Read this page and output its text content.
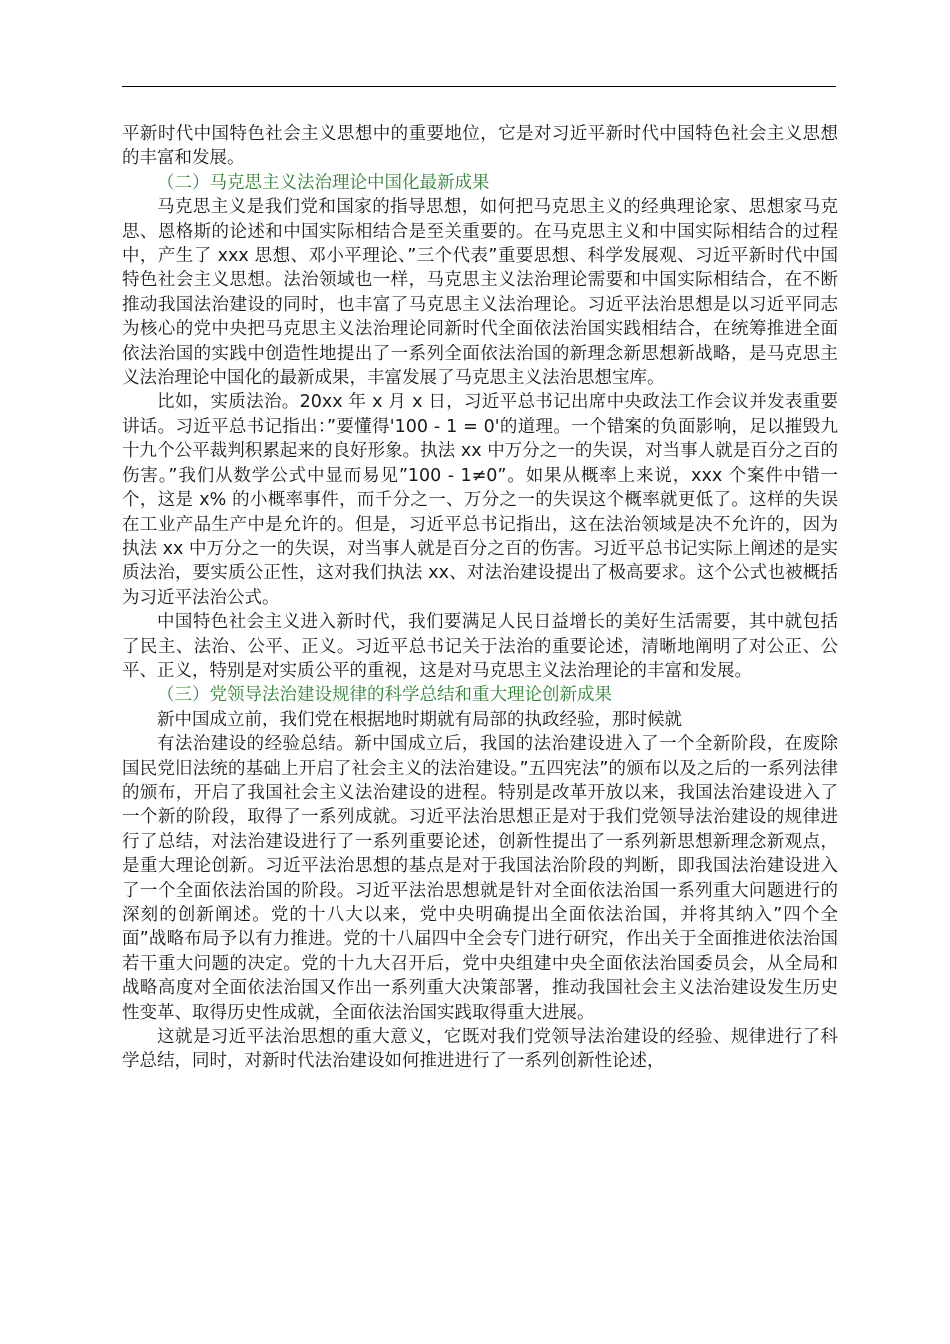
平新时代中国特色社会主义思想中的重要地位，它是对习近平新时代中国特色社会主义思想的丰富和发展。

（二）马克思主义法治理论中国化最新成果

马克思主义是我们党和国家的指导思想，如何把马克思主义的经典理论家、思想家马克思、恩格斯的论述和中国实际相结合是至关重要的。在马克思主义和中国实际相结合的过程中，产生了 xxx 思想、邓小平理论、”三个代表”重要思想、科学发展观、习近平新时代中国特色社会主义思想。法治领域也一样，马克思主义法治理论需要和中国实际相结合，在不断推动我国法治建设的同时，也丰富了马克思主义法治理论。习近平法治思想是以习近平同志为核心的党中央把马克思主义法治理论同新时代全面依法治国实践相结合，在统筹推进全面依法治国的实践中创造性地提出了一系列全面依法治国的新理念新思想新战略，是马克思主义法治理论中国化的最新成果，丰富发展了马克思主义法治思想宝库。

比如，实质法治。20xx 年 x 月 x 日，习近平总书记出席中央政法工作会议并发表重要讲话。习近平总书记指出：”要懂得'100 - 1 = 0'的道理。一个错案的负面影响，足以摧毁九十九个公平裁判积累起来的良好形象。执法 xx 中万分之一的失误，对当事人就是百分之百的伤害。”我们从数学公式中显而易见”100 - 1≠0”。如果从概率上来说，xxx 个案件中错一个，这是 x% 的小概率事件，而千分之一、万分之一的失误这个概率就更低了。这样的失误在工业产品生产中是允许的。但是，习近平总书记指出，这在法治领域是决不允许的，因为执法 xx 中万分之一的失误，对当事人就是百分之百的伤害。习近平总书记实际上阐述的是实质法治，要实质公正性，这对我们执法 xx、对法治建设提出了极高要求。这个公式也被概括为习近平法治公式。

中国特色社会主义进入新时代，我们要满足人民日益增长的美好生活需要，其中就包括了民主、法治、公平、正义。习近平总书记关于法治的重要论述，清晰地阐明了对公正、公平、正义，特别是对实质公平的重视，这是对马克思主义法治理论的丰富和发展。

（三）党领导法治建设规律的科学总结和重大理论创新成果

新中国成立前，我们党在根据地时期就有局部的执政经验，那时候就

有法治建设的经验总结。新中国成立后，我国的法治建设进入了一个全新阶段，在废除国民党旧法统的基础上开启了社会主义的法治建设。”五四宪法”的颁布以及之后的一系列法律的颁布，开启了我国社会主义法治建设的进程。特别是改革开放以来，我国法治建设进入了一个新的阶段，取得了一系列成就。习近平法治思想正是对于我们党领导法治建设的规律进行了总结，对法治建设进行了一系列重要论述，创新性提出了一系列新思想新理念新观点，是重大理论创新。习近平法治思想的基点是对于我国法治阶段的判断，即我国法治建设进入了一个全面依法治国的阶段。习近平法治思想就是针对全面依法治国一系列重大问题进行的深刻的创新阐述。党的十八大以来，党中央明确提出全面依法治国，并将其纳入”四个全面”战略布局予以有力推进。党的十八届四中全会专门进行研究，作出关于全面推进依法治国若干重大问题的决定。党的十九大召开后，党中央组建中央全面依法治国委员会，从全局和战略高度对全面依法治国又作出一系列重大决策部署，推动我国社会主义法治建设发生历史性变革、取得历史性成就，全面依法治国实践取得重大进展。

这就是习近平法治思想的重大意义，它既对我们党领导法治建设的经验、规律进行了科学总结，同时，对新时代法治建设如何推进进行了一系列创新性论述，
